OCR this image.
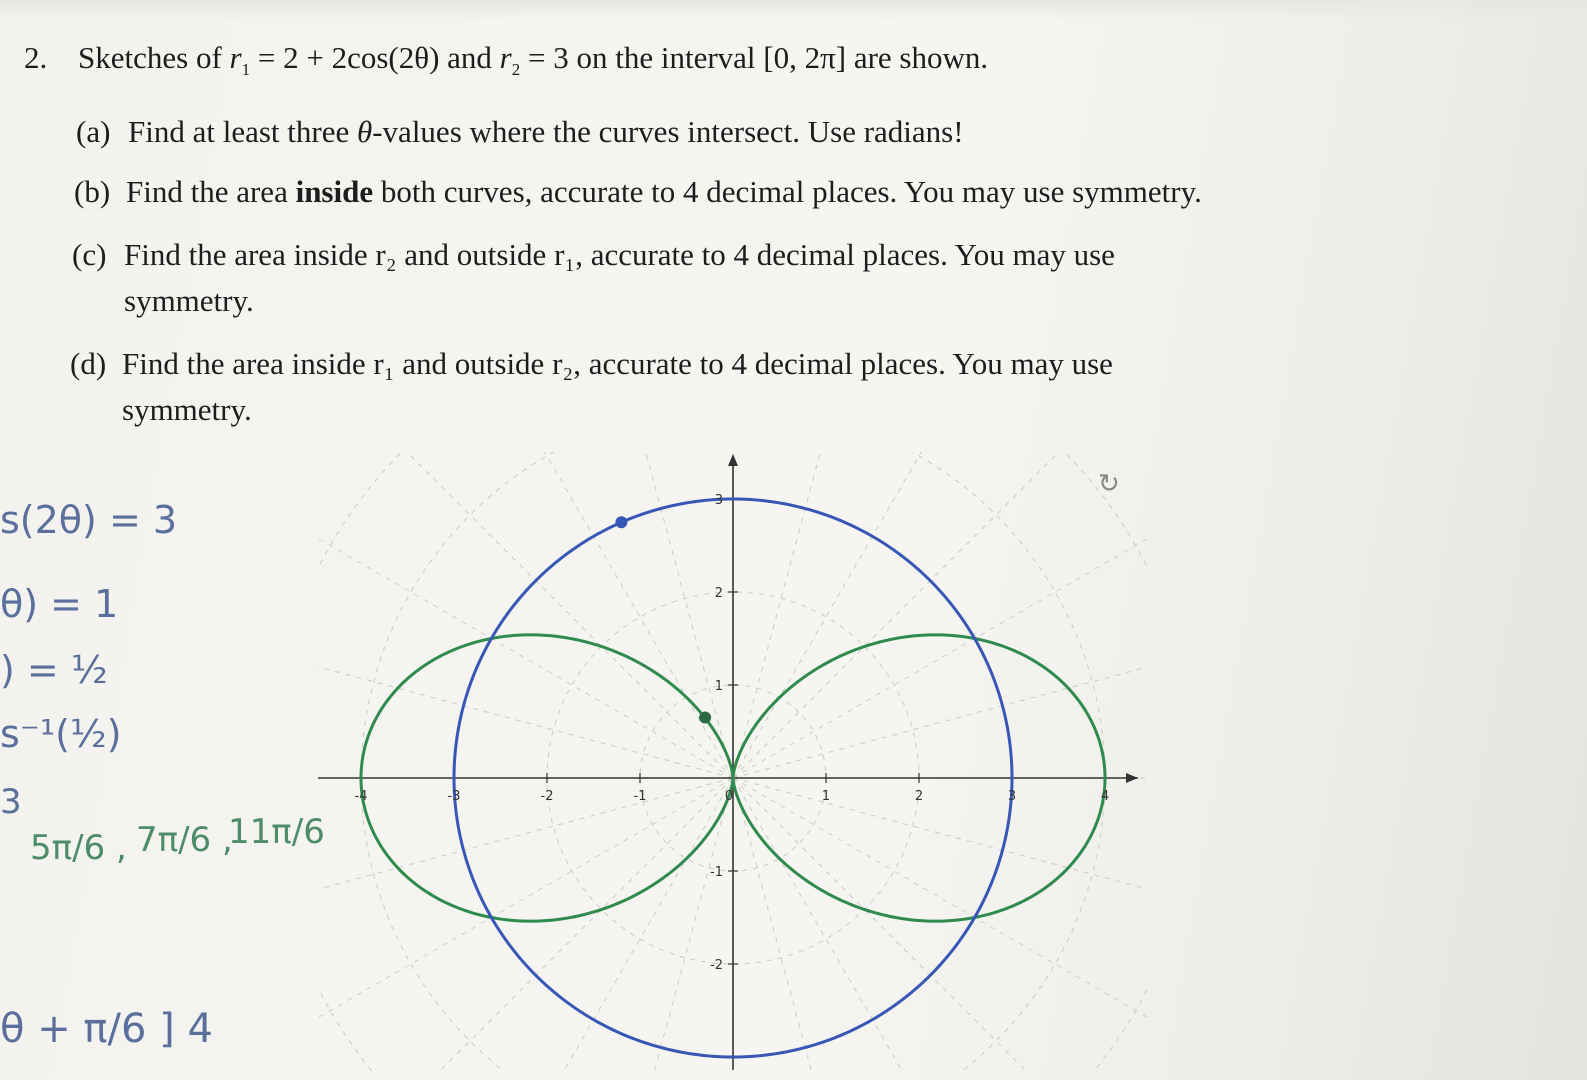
2. Sketches of $r_1 = 2 + 2\cos(2\theta)$ and $r_2 = 3$ on the interval [0, 2π] are shown.
(a) Find at least three θ-values where the curves intersect. Use radians!
(b) Find the area inside both curves, accurate to 4 decimal places. You may use symmetry.
(c) Find the area inside r₂ and outside r₁, accurate to 4 decimal places. You may use
symmetry.
(d) Find the area inside r₁ and outside r₂, accurate to 4 decimal places. You may use
symmetry.
s(2θ) = 3
θ) = 1
) = ½
s⁻¹(½)
3
5π/6 , 7π/6 ,
11π/6
θ + π/6 ] 4
-4	-3	-2	-1	0	1	2	3	4
-2
-1
1
2
3
↻
